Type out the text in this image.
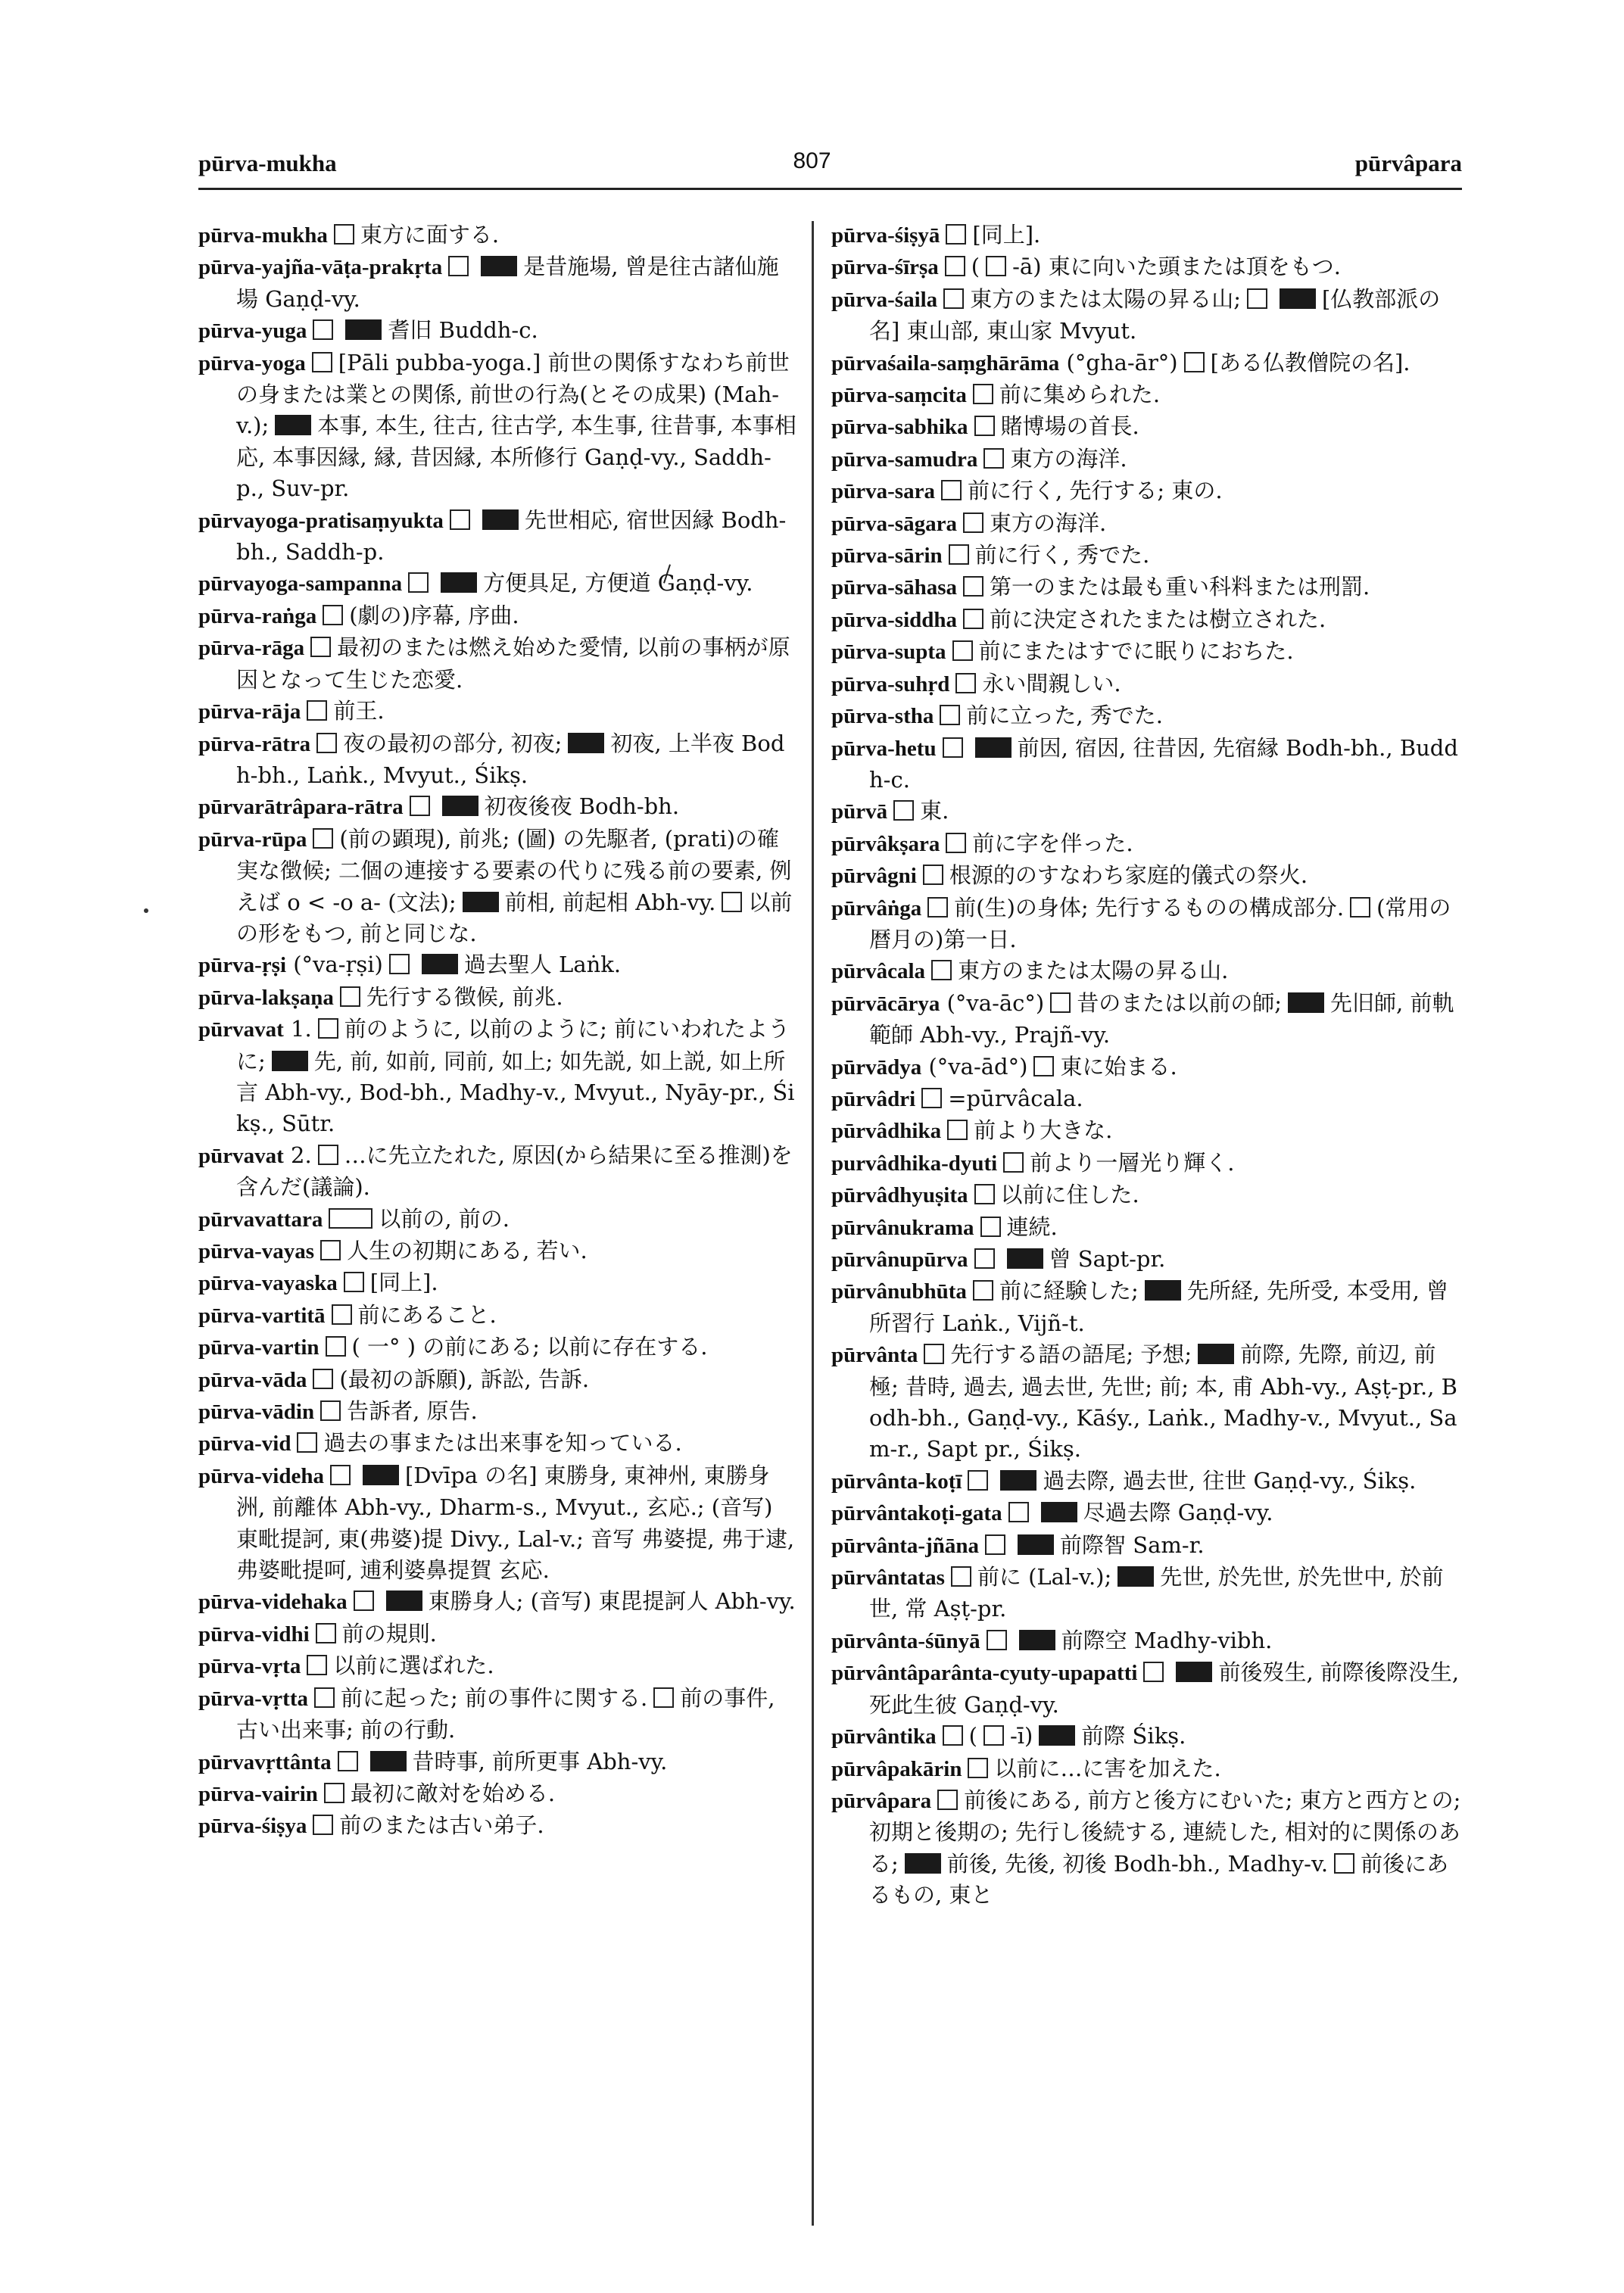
pūrva-mukha	807	pūrvâpara

pūrva-mukha 東方に面する.

pūrva-yajña-vāṭa-prakṛta	是昔施場, 曾是往古諸仙施場 Gaṇḍ-vy.

pūrva-yuga	耆旧 Buddh-c.

pūrva-yoga [Pāli pubba-yoga.] 前世の関係すなわち前世の身または業との関係, 前世の行為(とその成果) (Mah-v.); 本事, 本生, 往古, 往古学, 本生事, 往昔事, 本事相応, 本事因縁, 縁, 昔因縁, 本所修行 Gaṇḍ-vy., Saddh-p., Suv-pr.

pūrvayoga-pratisaṃyukta	先世相応, 宿世因縁 Bodh-bh., Saddh-p.

pūrvayoga-sampanna	方便具足, 方便道 Gaṇḍ-vy.

pūrva-raṅga (劇の)序幕, 序曲.

pūrva-rāga 最初のまたは燃え始めた愛情, 以前の事柄が原因となって生じた恋愛.

pūrva-rāja 前王.

pūrva-rātra 夜の最初の部分, 初夜; 初夜, 上半夜 Bodh-bh., Laṅk., Mvyut., Śikṣ.

pūrvarātrâpara-rātra	初夜後夜 Bodh-bh.

pūrva-rūpa (前の顕現), 前兆; (圖) の先駆者, (prati)の確実な徴候; 二個の連接する要素の代りに残る前の要素, 例えば o < -o a- (文法); 前相, 前起相 Abh-vy. 以前の形をもつ, 前と同じな.

pūrva-ṛṣi (°va-ṛṣi)	過去聖人 Laṅk.

pūrva-lakṣaṇa 先行する徴候, 前兆.

pūrvavat 1. 前のように, 以前のように; 前にいわれたように; 先, 前, 如前, 同前, 如上; 如先説, 如上説, 如上所言 Abh-vy., Bod-bh., Madhy-v., Mvyut., Nyāy-pr., Śikṣ., Sūtr.

pūrvavat 2. …に先立たれた, 原因(から結果に至る推測)を含んだ(議論).

pūrvavattara	以前の, 前の.

pūrva-vayas 人生の初期にある, 若い.

pūrva-vayaska [同上].

pūrva-vartitā 前にあること.

pūrva-vartin ( 一° ) の前にある; 以前に存在する.

pūrva-vāda (最初の訴願), 訴訟, 告訴.

pūrva-vādin 告訴者, 原告.

pūrva-vid 過去の事または出来事を知っている.

pūrva-videha	[Dvīpa の名] 東勝身, 東神州, 東勝身洲, 前離体 Abh-vy., Dharm-s., Mvyut., 玄応.; (音写) 東毗提訶, 東(弗婆)提 Divy., Lal-v.; 音写 弗婆提, 弗于逮, 弗婆毗提呵, 逋利婆鼻提賀 玄応.

pūrva-videhaka	東勝身人; (音写) 東毘提訶人 Abh-vy.

pūrva-vidhi 前の規則.

pūrva-vṛta 以前に選ばれた.

pūrva-vṛtta 前に起った; 前の事件に関する. 前の事件, 古い出来事; 前の行動.

pūrvavṛttânta	昔時事, 前所更事 Abh-vy.

pūrva-vairin 最初に敵対を始める.

pūrva-śiṣya 前のまたは古い弟子.

pūrva-śiṣyā [同上].

pūrva-śīrṣa ( -ā) 東に向いた頭または頂をもつ.

pūrva-śaila 東方のまたは太陽の昇る山;	[仏教部派の名] 東山部, 東山家 Mvyut.

pūrvaśaila-saṃghārāma (°gha-ār°) [ある仏教僧院の名].

pūrva-saṃcita 前に集められた.

pūrva-sabhika 賭博場の首長.

pūrva-samudra 東方の海洋.

pūrva-sara 前に行く, 先行する; 東の.

pūrva-sāgara 東方の海洋.

pūrva-sārin 前に行く, 秀でた.

pūrva-sāhasa 第一のまたは最も重い科料または刑罰.

pūrva-siddha 前に決定されたまたは樹立された.

pūrva-supta 前にまたはすでに眠りにおちた.

pūrva-suhṛd 永い間親しい.

pūrva-stha 前に立った, 秀でた.

pūrva-hetu	前因, 宿因, 往昔因, 先宿縁 Bodh-bh., Buddh-c.

pūrvā 東.

pūrvâkṣara 前に字を伴った.

pūrvâgni 根源的のすなわち家庭的儀式の祭火.

pūrvâṅga 前(生)の身体; 先行するものの構成部分. (常用の暦月の)第一日.

pūrvâcala 東方のまたは太陽の昇る山.

pūrvācārya (°va-āc°) 昔のまたは以前の師; 先旧師, 前軌範師 Abh-vy., Prajñ-vy.

pūrvādya (°va-ād°) 東に始まる.

pūrvâdri =pūrvâcala.

pūrvâdhika 前より大きな.

purvâdhika-dyuti 前より一層光り輝く.

pūrvâdhyuṣita 以前に住した.

pūrvânukrama 連続.

pūrvânupūrva	曾 Sapt-pr.

pūrvânubhūta 前に経験した; 先所経, 先所受, 本受用, 曾所習行 Laṅk., Vijñ-t.

pūrvânta 先行する語の語尾; 予想; 前際, 先際, 前辺, 前極; 昔時, 過去, 過去世, 先世; 前; 本, 甫 Abh-vy., Aṣṭ-pr., Bodh-bh., Gaṇḍ-vy., Kāśy., Laṅk., Madhy-v., Mvyut., Sam-r., Sapt pr., Śikṣ.

pūrvânta-koṭī	過去際, 過去世, 往世 Gaṇḍ-vy., Śikṣ.

pūrvântakoṭi-gata	尽過去際 Gaṇḍ-vy.

pūrvânta-jñāna	前際智 Sam-r.

pūrvântatas 前に (Lal-v.); 先世, 於先世, 於先世中, 於前世, 常 Aṣṭ-pr.

pūrvânta-śūnyā	前際空 Madhy-vibh.

pūrvântâparânta-cyuty-upapatti	前後歿生, 前際後際没生, 死此生彼 Gaṇḍ-vy.

pūrvântika ( -ī) 前際 Śikṣ.

pūrvâpakārin 以前に…に害を加えた.

pūrvâpara 前後にある, 前方と後方にむいた; 東方と西方との; 初期と後期の; 先行し後続する, 連続した, 相対的に関係のある; 前後, 先後, 初後 Bodh-bh., Madhy-v. 前後にあるもの, 東と
